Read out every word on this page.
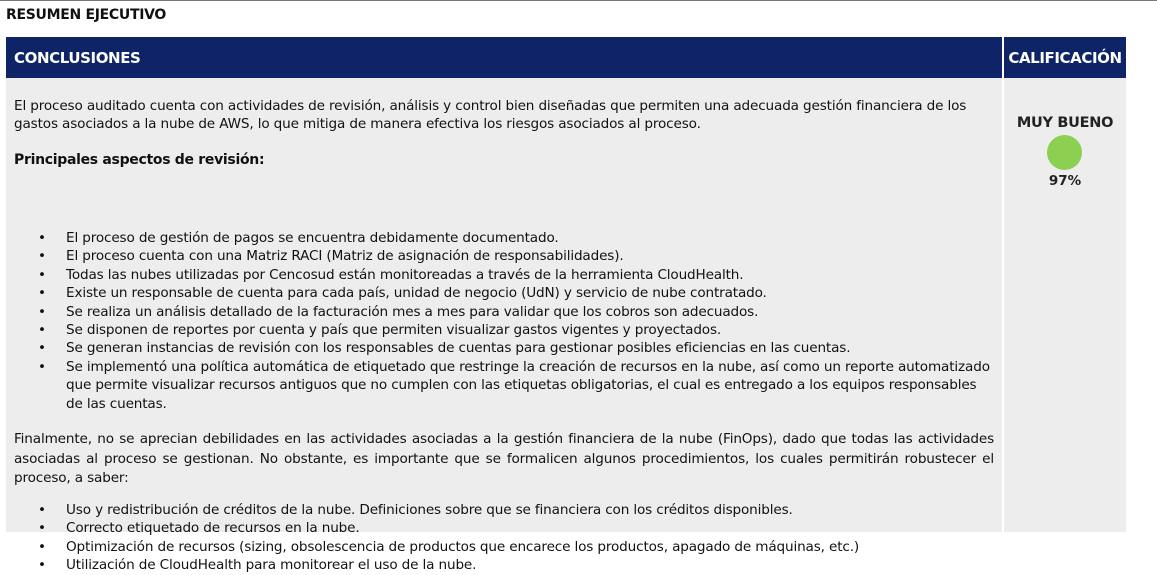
RESUMEN EJECUTIVO
CONCLUSIONES	CALIFICACIÓN
El proceso auditado cuenta con actividades de revisión, análisis y control bien diseñadas que permiten una adecuada gestión financiera de los gastos asociados a la nube de AWS, lo que mitiga de manera efectiva los riesgos asociados al proceso.
Principales aspectos de revisión:
• El proceso de gestión de pagos se encuentra debidamente documentado.
• El proceso cuenta con una Matriz RACI (Matriz de asignación de responsabilidades).
• Todas las nubes utilizadas por Cencosud están monitoreadas a través de la herramienta CloudHealth.
• Existe un responsable de cuenta para cada país, unidad de negocio (UdN) y servicio de nube contratado.
• Se realiza un análisis detallado de la facturación mes a mes para validar que los cobros son adecuados.
• Se disponen de reportes por cuenta y país que permiten visualizar gastos vigentes y proyectados.
• Se generan instancias de revisión con los responsables de cuentas para gestionar posibles eficiencias en las cuentas.
• Se implementó una política automática de etiquetado que restringe la creación de recursos en la nube, así como un reporte automatizado que permite visualizar recursos antiguos que no cumplen con las etiquetas obligatorias, el cual es entregado a los equipos responsables de las cuentas.
Finalmente, no se aprecian debilidades en las actividades asociadas a la gestión financiera de la nube (FinOps), dado que todas las actividades asociadas al proceso se gestionan. No obstante, es importante que se formalicen algunos procedimientos, los cuales permitirán robustecer el proceso, a saber:
• Uso y redistribución de créditos de la nube. Definiciones sobre que se financiera con los créditos disponibles.
• Correcto etiquetado de recursos en la nube.
• Optimización de recursos (sizing, obsolescencia de productos que encarece los productos, apagado de máquinas, etc.)
• Utilización de CloudHealth para monitorear el uso de la nube.
MUY BUENO
97%
